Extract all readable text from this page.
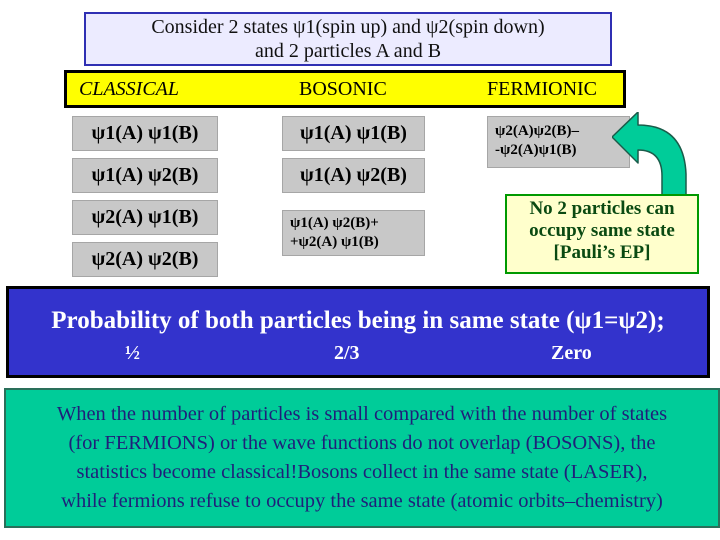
Consider 2 states ψ1(spin up) and ψ2(spin down)
and 2 particles A and B
CLASSICAL	BOSONIC	FERMIONIC
ψ1(A) ψ1(B)
ψ1(A) ψ2(B)
ψ2(A) ψ1(B)
ψ2(A) ψ2(B)
ψ1(A) ψ1(B)
ψ1(A) ψ2(B)
ψ1(A) ψ2(B)+
+ψ2(A) ψ1(B)
ψ2(A)ψ2(B)–
-ψ2(A)ψ1(B)
No 2 particles can
occupy same state
[Pauli’s EP]
Probability of both particles being in same state (ψ1=ψ2);
½	2/3	Zero
When the number of particles is small compared with the number of states
(for FERMIONS) or the wave functions do not overlap (BOSONS), the
statistics become classical!Bosons collect in the same state (LASER),
while fermions refuse to occupy the same state (atomic orbits–chemistry)
